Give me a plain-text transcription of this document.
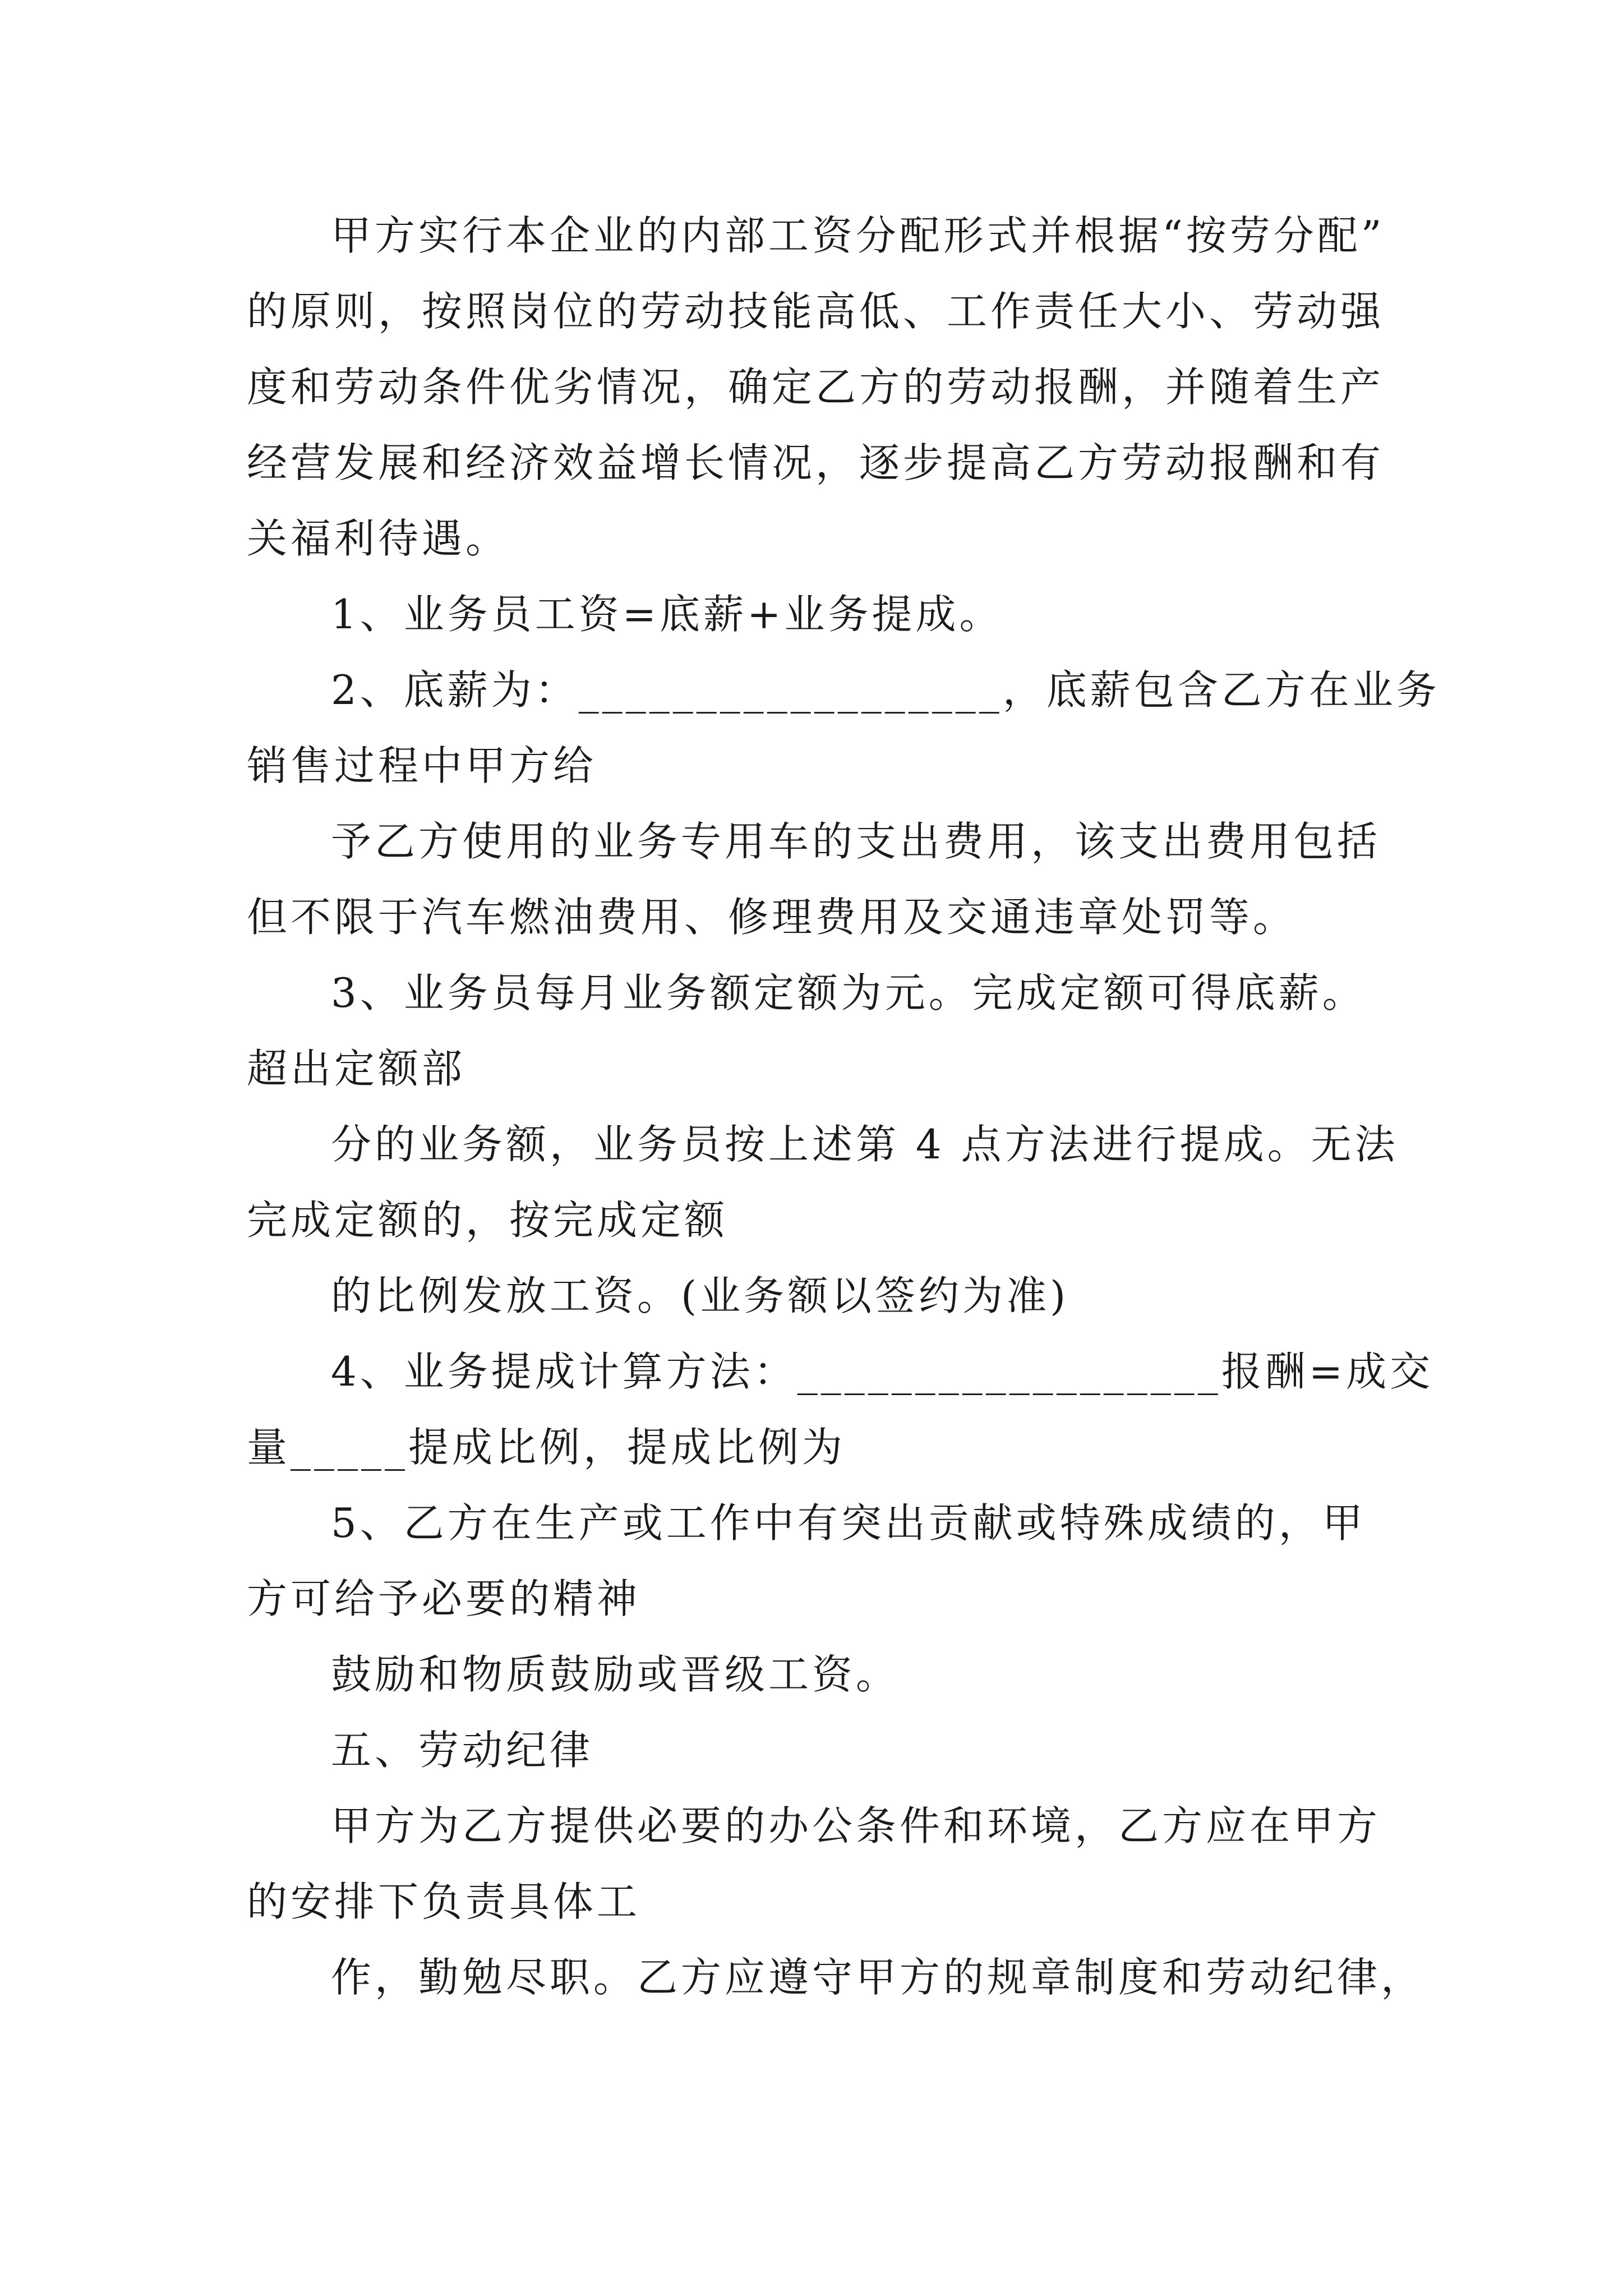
甲方实行本企业的内部工资分配形式并根据“按劳分配”
的原则，按照岗位的劳动技能高低、工作责任大小、劳动强
度和劳动条件优劣情况，确定乙方的劳动报酬，并随着生产
经营发展和经济效益增长情况，逐步提高乙方劳动报酬和有
关福利待遇。
1、业务员工资=底薪+业务提成。
2、底薪为：__________________，底薪包含乙方在业务
销售过程中甲方给
予乙方使用的业务专用车的支出费用，该支出费用包括
但不限于汽车燃油费用、修理费用及交通违章处罚等。
3、业务员每月业务额定额为元。完成定额可得底薪。
超出定额部
分的业务额，业务员按上述第 4 点方法进行提成。无法
完成定额的，按完成定额
的比例发放工资。(业务额以签约为准)
4、业务提成计算方法：__________________报酬=成交
量_____提成比例，提成比例为
5、乙方在生产或工作中有突出贡献或特殊成绩的，甲
方可给予必要的精神
鼓励和物质鼓励或晋级工资。
五、劳动纪律
甲方为乙方提供必要的办公条件和环境，乙方应在甲方
的安排下负责具体工
作，勤勉尽职。乙方应遵守甲方的规章制度和劳动纪律，
